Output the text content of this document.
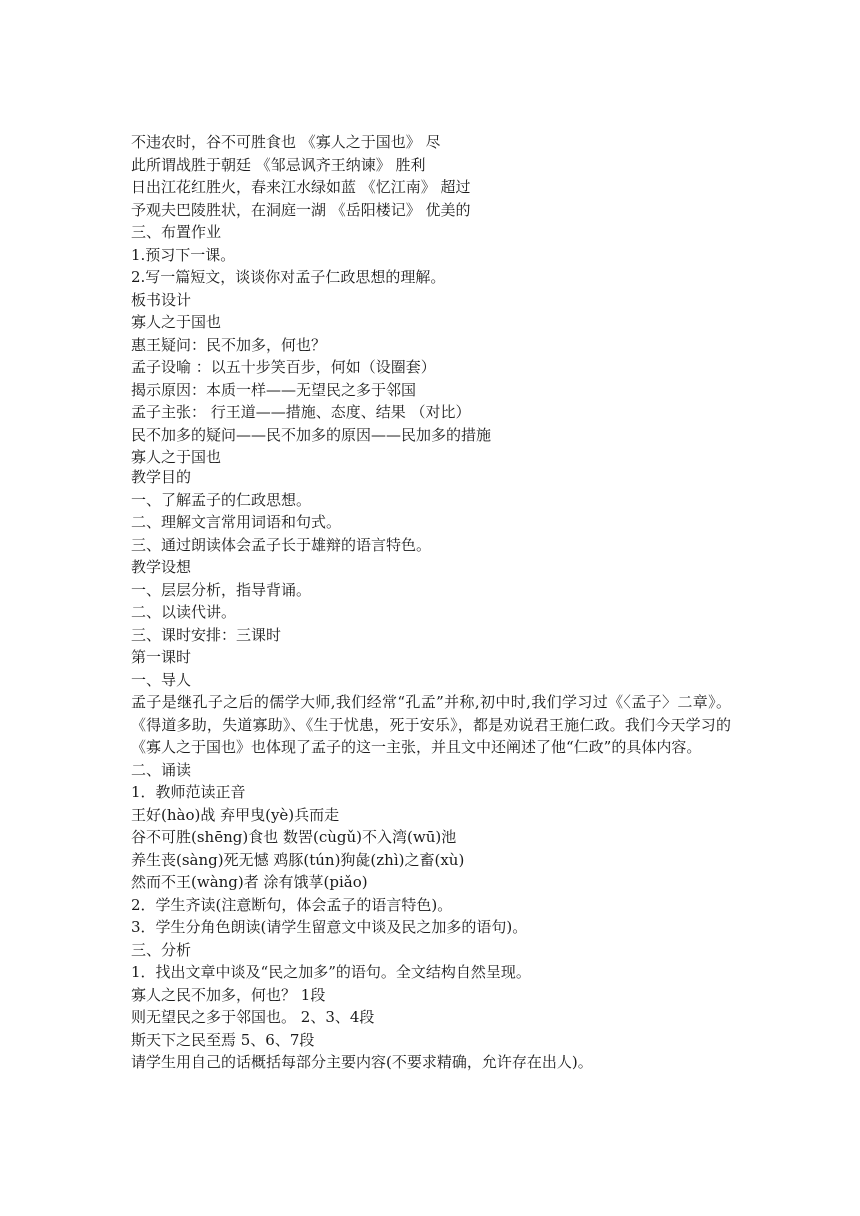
不违农时，谷不可胜食也 《寡人之于国也》 尽
此所谓战胜于朝廷 《邹忌讽齐王纳谏》 胜利
日出江花红胜火，春来江水绿如蓝 《忆江南》 超过
予观夫巴陵胜状，在洞庭一湖 《岳阳楼记》 优美的
三、布置作业
1.预习下一课。
2.写一篇短文，谈谈你对孟子仁政思想的理解。
板书设计
寡人之于国也
惠王疑问：民不加多，何也？
孟子设喻 ：以五十步笑百步，何如（设圈套）
揭示原因：本质一样——无望民之多于邻国
孟子主张： 行王道——措施、态度、结果 （对比）
民不加多的疑问——民不加多的原因——民加多的措施
寡人之于国也
教学目的
一、了解孟子的仁政思想。
二、理解文言常用词语和句式。
三、通过朗读体会孟子长于雄辩的语言特色。
教学设想
一、层层分析，指导背诵。
二、以读代讲。
三、课时安排：三课时
第一课时
一、导人
孟子是继孔子之后的儒学大师,我们经常“孔孟”并称,初中时,我们学习过《〈孟子〉二章》。《得道多助，失道寡助》、《生于忧患，死于安乐》，都是劝说君王施仁政。我们今天学习的《寡人之于国也》也体现了孟子的这一主张，并且文中还阐述了他“仁政”的具体内容。
二、诵读
1．教师范读正音
王好(hào)战 弃甲曳(yè)兵而走
谷不可胜(shēng)食也 数罟(cùgǔ)不入湾(wū)池
养生丧(sàng)死无憾 鸡豚(tún)狗彘(zhì)之畜(xù)
然而不王(wàng)者 涂有饿莩(piǎo)
2．学生齐读(注意断句，体会孟子的语言特色)。
3．学生分角色朗读(请学生留意文中谈及民之加多的语句)。
三、分析
1．找出文章中谈及“民之加多”的语句。全文结构自然呈现。
寡人之民不加多，何也？ 1段
则无望民之多于邻国也。 2、3、4段
斯天下之民至焉 5、6、7段
请学生用自己的话概括每部分主要内容(不要求精确，允许存在出人)。
